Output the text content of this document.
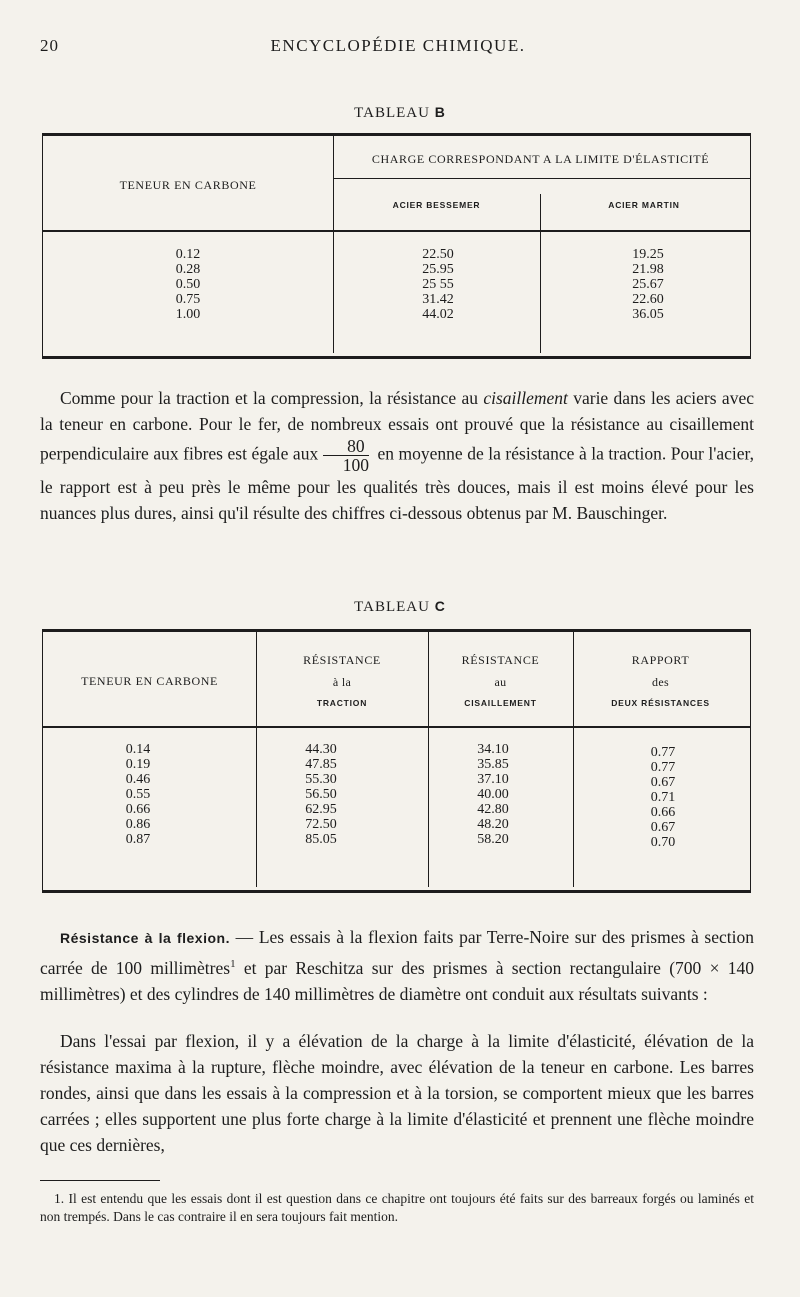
20	ENCYCLOPÉDIE CHIMIQUE.
TABLEAU B
TENEUR EN CARBONE
CHARGE CORRESPONDANT A LA LIMITE D'ÉLASTICITÉ
ACIER BESSEMER	ACIER MARTIN
0.12
0.28
0.50
0.75
1.00
22.50
25.95
25 55
31.42
44.02
19.25
21.98
25.67
22.60
36.05

Comme pour la traction et la compression, la résistance au cisaillement varie dans les aciers avec la teneur en carbone. Pour le fer, de nombreux essais ont prouvé que la résistance au cisaillement perpendiculaire aux fibres est égale aux $\frac{80}{100}$ en moyenne de la résistance à la traction. Pour l'acier, le rapport est à peu près le même pour les qualités très douces, mais il est moins élevé pour les nuances plus dures, ainsi qu'il résulte des chiffres ci-dessous obtenus par M. Bauschinger.

TABLEAU C
TENEUR EN CARBONE
RÉSISTANCE
à la
TRACTION
RÉSISTANCE
au
CISAILLEMENT
RAPPORT
des
DEUX RÉSISTANCES
0.14
0.19
0.46
0.55
0.66
0.86
0.87
44.30
47.85
55.30
56.50
62.95
72.50
85.05
34.10
35.85
37.10
40.00
42.80
48.20
58.20
0.77
0.77
0.67
0.71
0.66
0.67
0.70

Résistance à la flexion. — Les essais à la flexion faits par Terre-Noire sur des prismes à section carrée de 100 millimètres$^1$ et par Reschitza sur des prismes à section rectangulaire (700 × 140 millimètres) et des cylindres de 140 millimètres de diamètre ont conduit aux résultats suivants :

Dans l'essai par flexion, il y a élévation de la charge à la limite d'élasticité, élévation de la résistance maxima à la rupture, flèche moindre, avec élévation de la teneur en carbone. Les barres rondes, ainsi que dans les essais à la compression et à la torsion, se comportent mieux que les barres carrées ; elles supportent une plus forte charge à la limite d'élasticité et prennent une flèche moindre que ces dernières,

1. Il est entendu que les essais dont il est question dans ce chapitre ont toujours été faits sur des barreaux forgés ou laminés et non trempés. Dans le cas contraire il en sera toujours fait mention.
